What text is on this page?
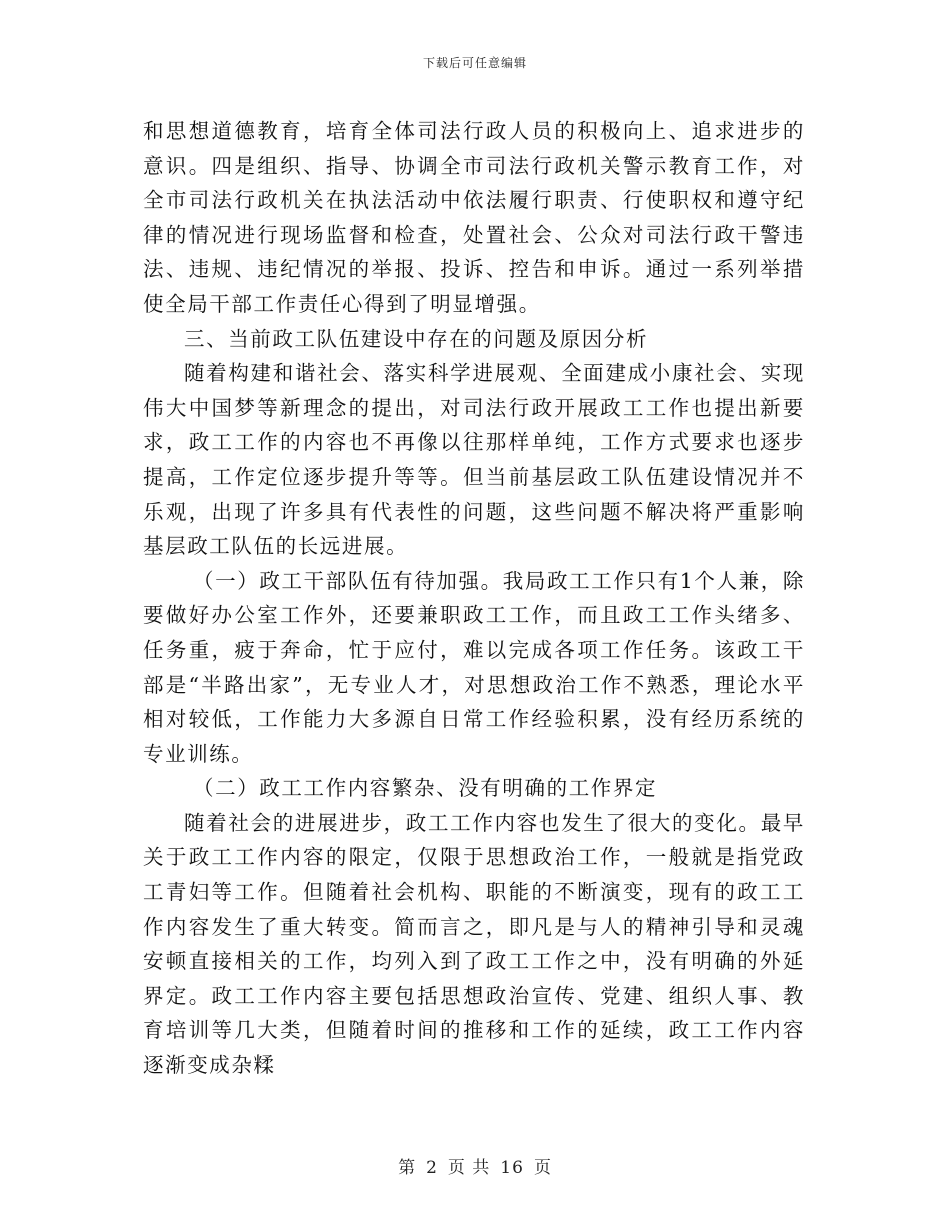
下载后可任意编辑

和思想道德教育，培育全体司法行政人员的积极向上、追求进步的意识。四是组织、指导、协调全市司法行政机关警示教育工作，对全市司法行政机关在执法活动中依法履行职责、行使职权和遵守纪律的情况进行现场监督和检查，处置社会、公众对司法行政干警违法、违规、违纪情况的举报、投诉、控告和申诉。通过一系列举措使全局干部工作责任心得到了明显增强。

三、当前政工队伍建设中存在的问题及原因分析

随着构建和谐社会、落实科学进展观、全面建成小康社会、实现伟大中国梦等新理念的提出，对司法行政开展政工工作也提出新要求，政工工作的内容也不再像以往那样单纯，工作方式要求也逐步提高，工作定位逐步提升等等。但当前基层政工队伍建设情况并不乐观，出现了许多具有代表性的问题，这些问题不解决将严重影响基层政工队伍的长远进展。

（一）政工干部队伍有待加强。我局政工工作只有1个人兼，除要做好办公室工作外，还要兼职政工工作，而且政工工作头绪多、任务重，疲于奔命，忙于应付，难以完成各项工作任务。该政工干部是“半路出家”，无专业人才，对思想政治工作不熟悉，理论水平相对较低，工作能力大多源自日常工作经验积累，没有经历系统的专业训练。

（二）政工工作内容繁杂、没有明确的工作界定

随着社会的进展进步，政工工作内容也发生了很大的变化。最早关于政工工作内容的限定，仅限于思想政治工作，一般就是指党政工青妇等工作。但随着社会机构、职能的不断演变，现有的政工工作内容发生了重大转变。简而言之，即凡是与人的精神引导和灵魂安顿直接相关的工作，均列入到了政工工作之中，没有明确的外延界定。政工工作内容主要包括思想政治宣传、党建、组织人事、教育培训等几大类，但随着时间的推移和工作的延续，政工工作内容逐渐变成杂糅

第 2 页 共 16 页
